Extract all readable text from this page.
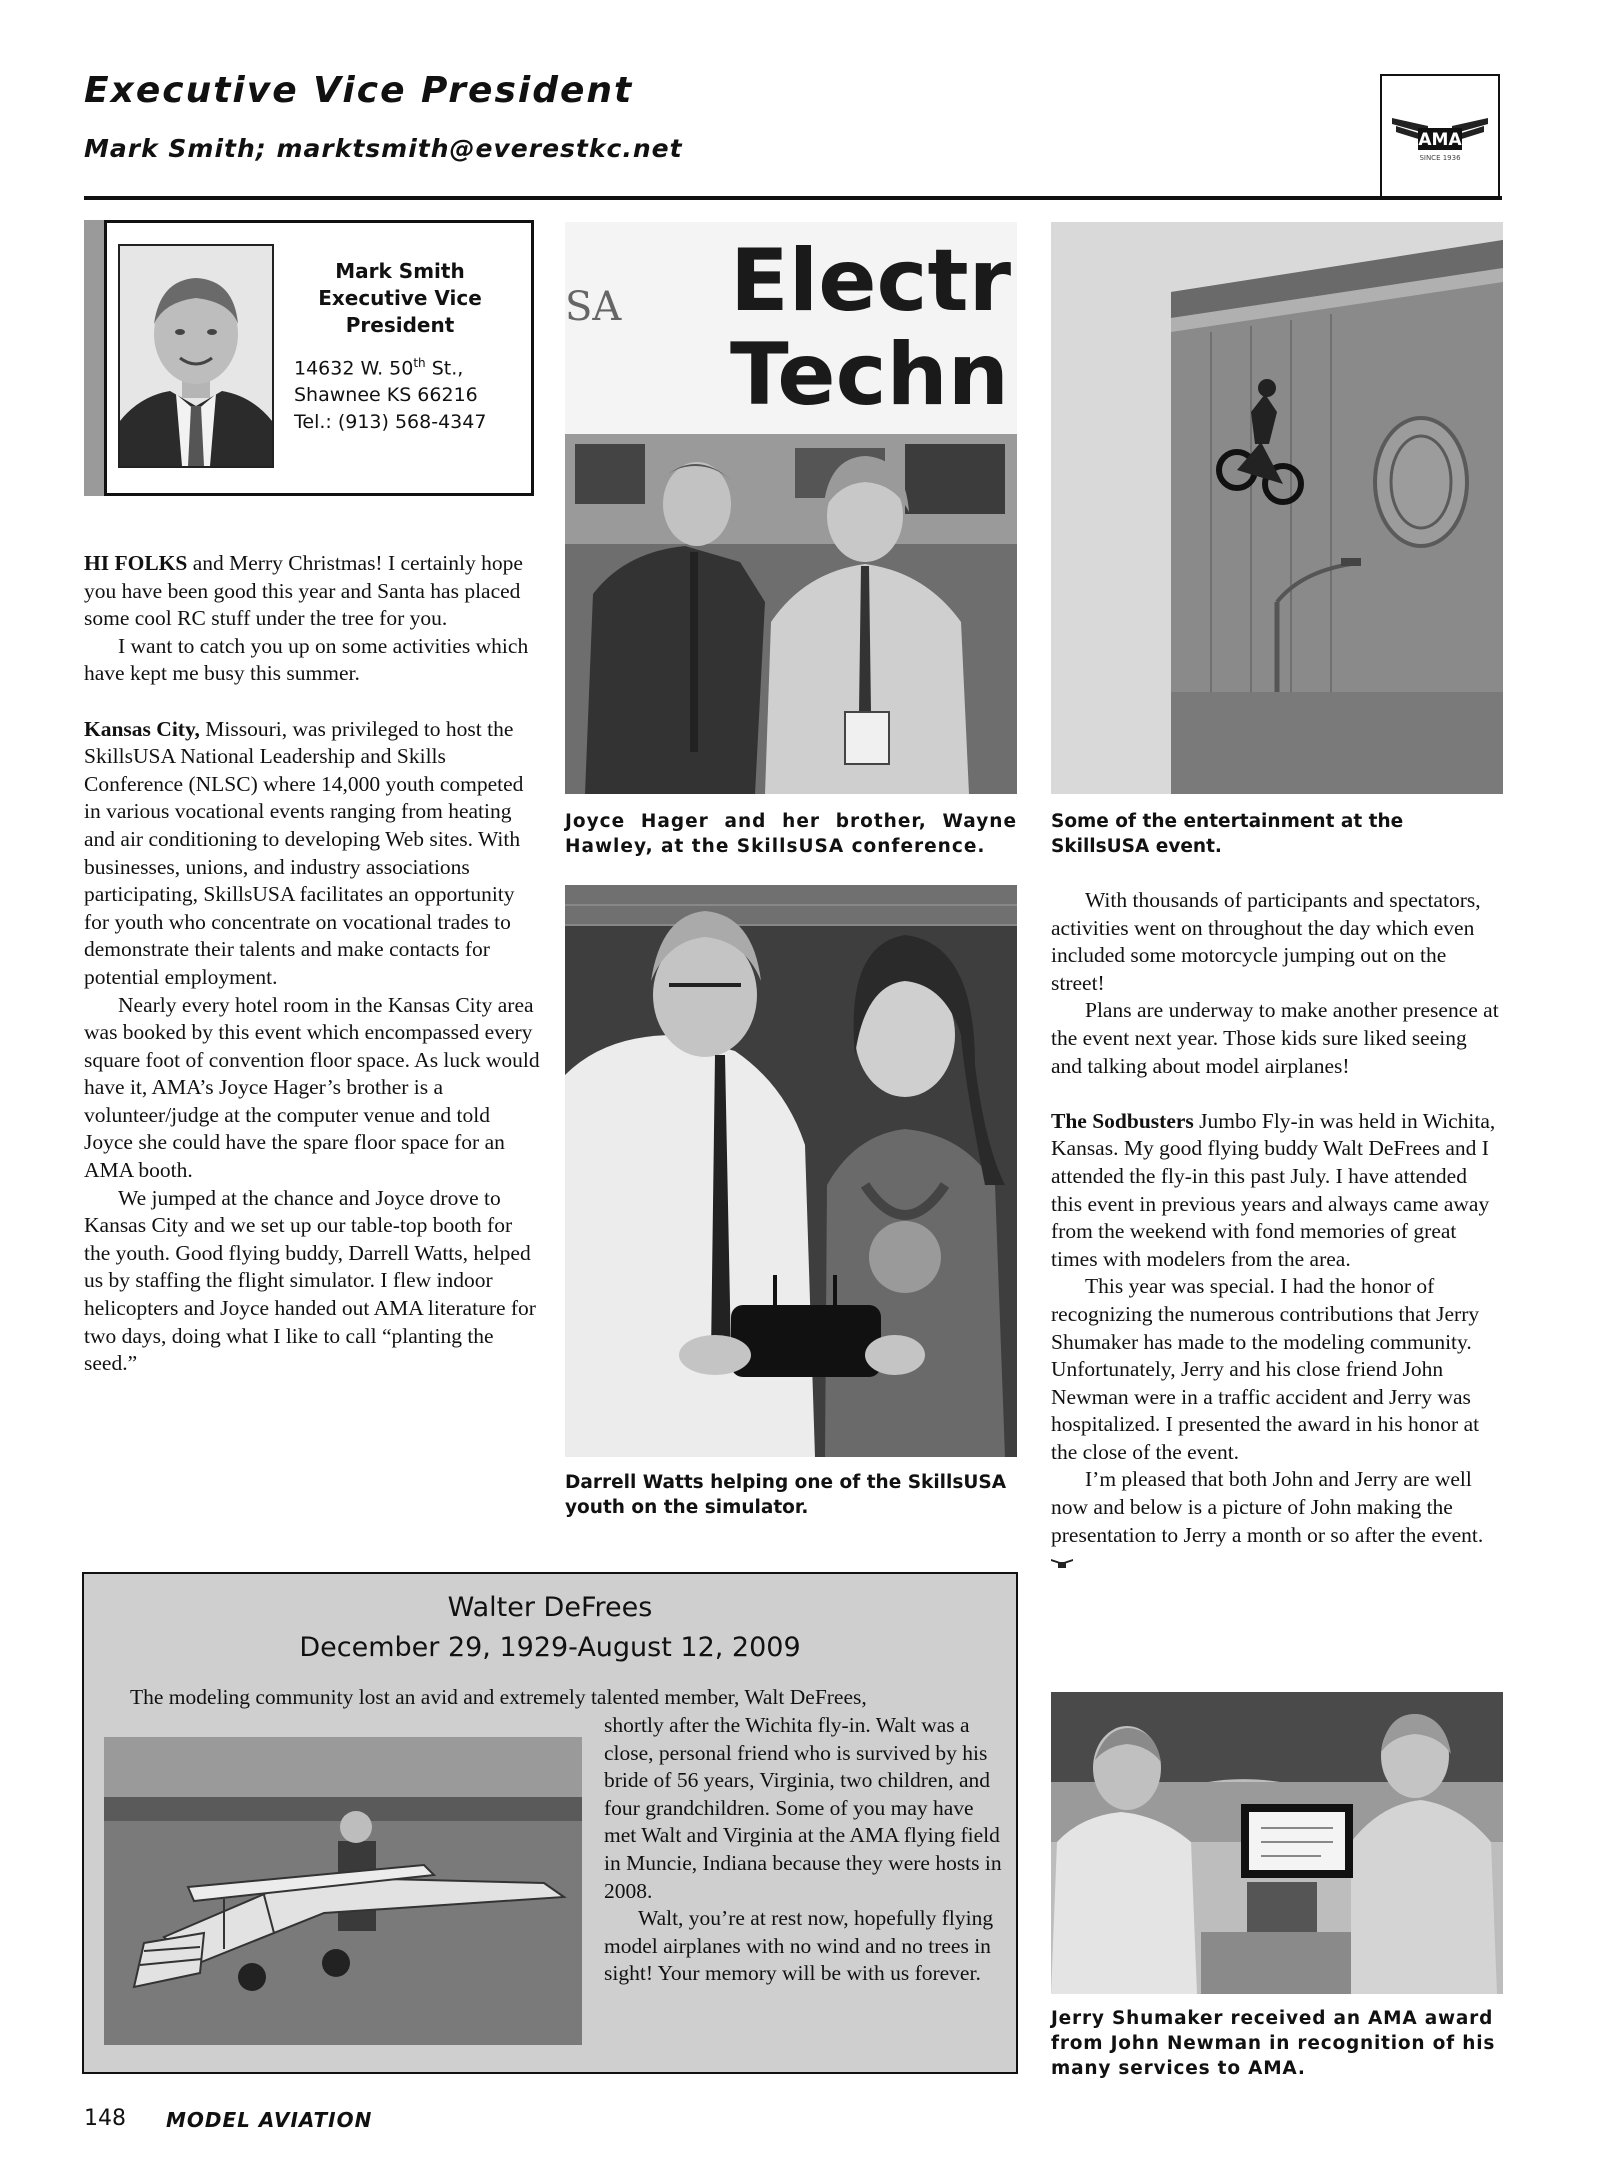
Executive Vice President
Mark Smith; marktsmith@everestkc.net	AMA
SINCE 1936
Mark Smith
Executive Vice
President
14632 W. 50th St.,
Shawnee KS 66216
Tel.: (913) 568-4347

HI FOLKS and Merry Christmas! I certainly hope you have been good this year and Santa has placed some cool RC stuff under the tree for you.

I want to catch you up on some activities which have kept me busy this summer.

Kansas City, Missouri, was privileged to host the SkillsUSA National Leadership and Skills Conference (NLSC) where 14,000 youth competed in various vocational events ranging from heating and air conditioning to developing Web sites. With businesses, unions, and industry associations participating, SkillsUSA facilitates an opportunity for youth who concentrate on vocational trades to demonstrate their talents and make contacts for potential employment.

Nearly every hotel room in the Kansas City area was booked by this event which encompassed every square foot of convention floor space. As luck would have it, AMA’s Joyce Hager’s brother is a volunteer/judge at the computer venue and told Joyce she could have the spare floor space for an AMA booth.

We jumped at the chance and Joyce drove to Kansas City and we set up our table-top booth for the youth. Good flying buddy, Darrell Watts, helped us by staffing the flight simulator. I flew indoor helicopters and Joyce handed out AMA literature for two days, doing what I like to call “planting the seed.”

Electr
Techn
SA
Joyce Hager and her brother, Wayne Hawley, at the SkillsUSA conference.
Some of the entertainment at the SkillsUSA event.
Darrell Watts helping one of the SkillsUSA youth on the simulator.

With thousands of participants and spectators, activities went on throughout the day which even included some motorcycle jumping out on the street!

Plans are underway to make another presence at the event next year. Those kids sure liked seeing and talking about model airplanes!

The Sodbusters Jumbo Fly-in was held in Wichita, Kansas. My good flying buddy Walt DeFrees and I attended the fly-in this past July. I have attended this event in previous years and always came away from the weekend with fond memories of great times with modelers from the area.

This year was special. I had the honor of recognizing the numerous contributions that Jerry Shumaker has made to the modeling community. Unfortunately, Jerry and his close friend John Newman were in a traffic accident and Jerry was hospitalized. I presented the award in his honor at the close of the event.

I’m pleased that both John and Jerry are well now and below is a picture of John making the presentation to Jerry a month or so after the event.

Jerry Shumaker received an AMA award from John Newman in recognition of his many services to AMA.
Walter DeFrees
December 29, 1929-August 12, 2009
The modeling community lost an avid and extremely talented member, Walt DeFrees,

shortly after the Wichita fly-in. Walt was a close, personal friend who is survived by his bride of 56 years, Virginia, two children, and four grandchildren. Some of you may have met Walt and Virginia at the AMA flying field in Muncie, Indiana because they were hosts in 2008.

Walt, you’re at rest now, hopefully flying model airplanes with no wind and no trees in sight! Your memory will be with us forever.

148 MODEL AVIATION
